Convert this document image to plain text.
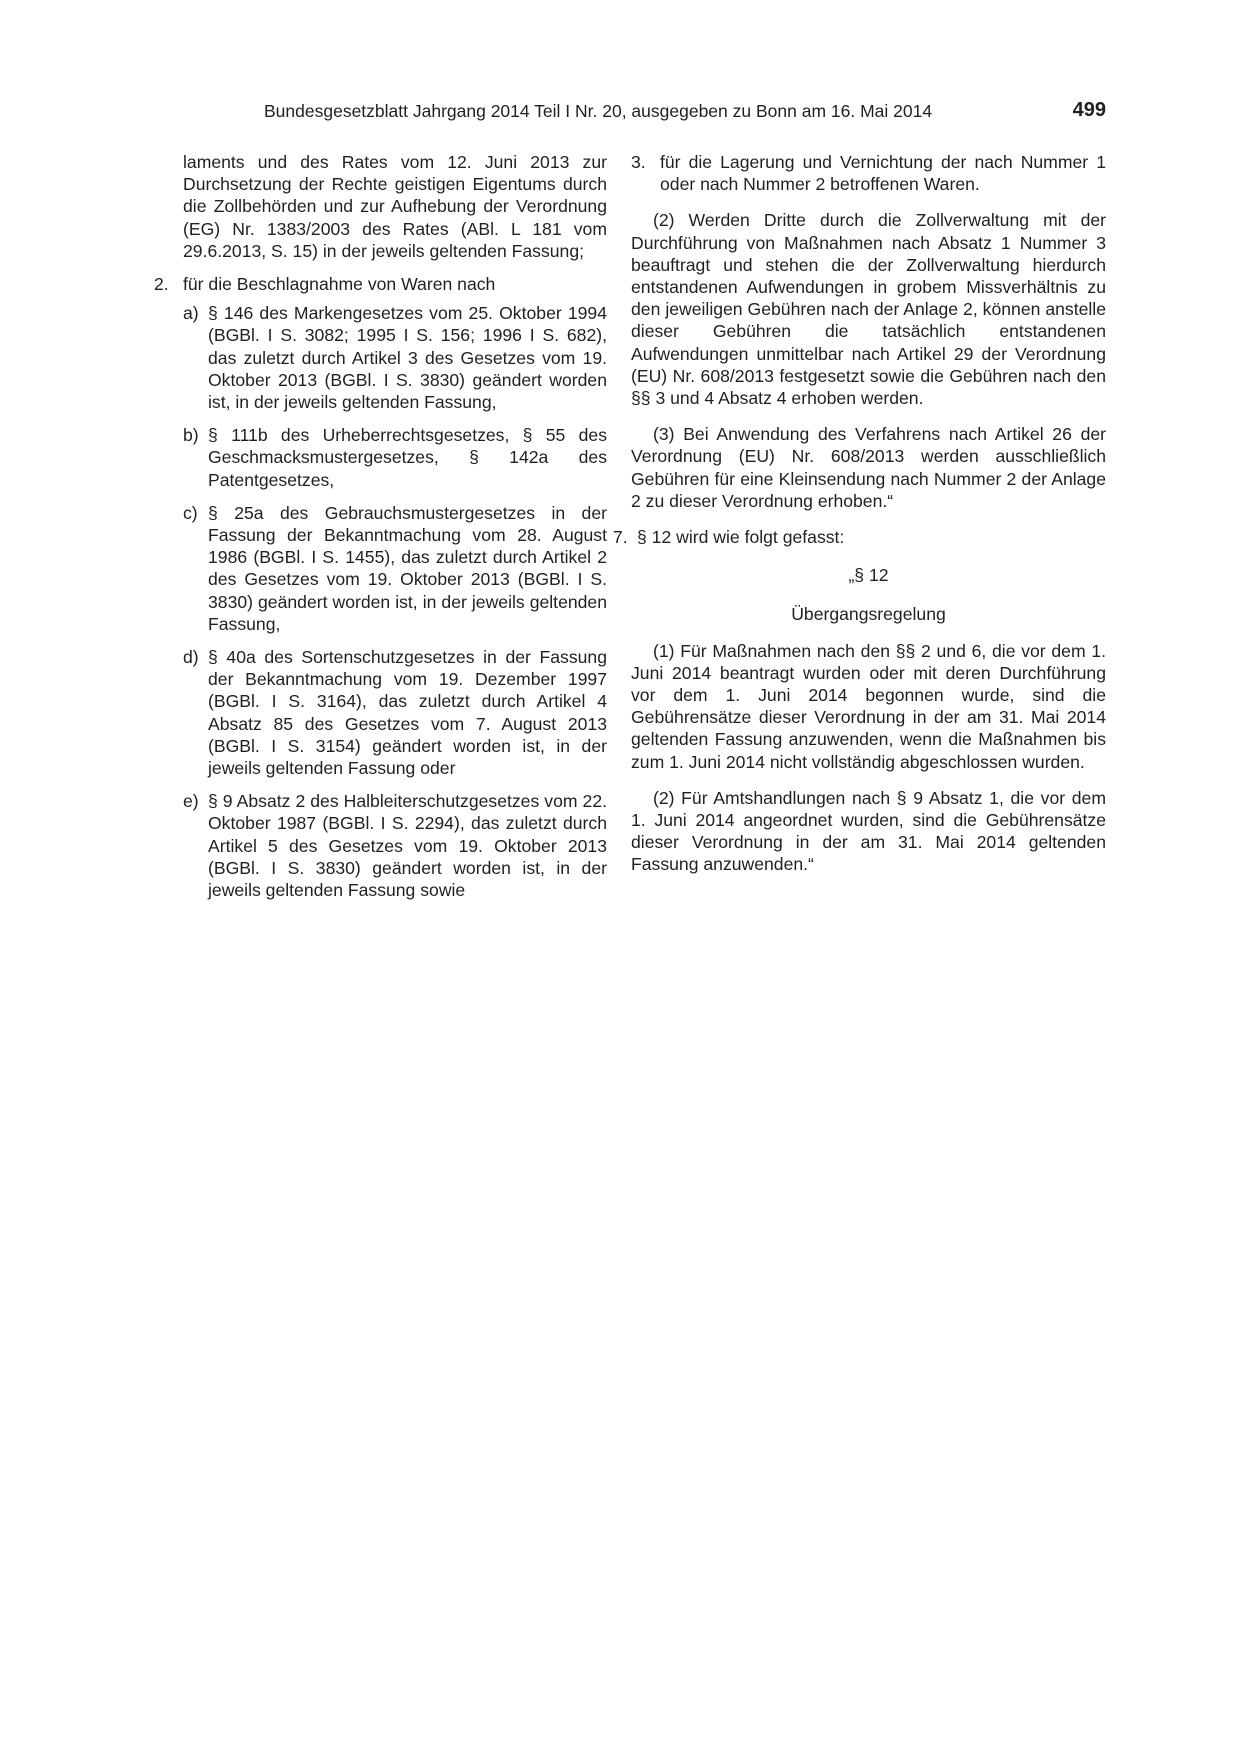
Bundesgesetzblatt Jahrgang 2014 Teil I Nr. 20, ausgegeben zu Bonn am 16. Mai 2014	499
laments und des Rates vom 12. Juni 2013 zur Durchsetzung der Rechte geistigen Eigentums durch die Zollbehörden und zur Aufhebung der Verordnung (EG) Nr. 1383/2003 des Rates (ABl. L 181 vom 29.6.2013, S. 15) in der jeweils geltenden Fassung;
2. für die Beschlagnahme von Waren nach
a) § 146 des Markengesetzes vom 25. Oktober 1994 (BGBl. I S. 3082; 1995 I S. 156; 1996 I S. 682), das zuletzt durch Artikel 3 des Gesetzes vom 19. Oktober 2013 (BGBl. I S. 3830) geändert worden ist, in der jeweils geltenden Fassung,
b) § 111b des Urheberrechtsgesetzes, § 55 des Geschmacksmustergesetzes, § 142a des Patentgesetzes,
c) § 25a des Gebrauchsmustergesetzes in der Fassung der Bekanntmachung vom 28. August 1986 (BGBl. I S. 1455), das zuletzt durch Artikel 2 des Gesetzes vom 19. Oktober 2013 (BGBl. I S. 3830) geändert worden ist, in der jeweils geltenden Fassung,
d) § 40a des Sortenschutzgesetzes in der Fassung der Bekanntmachung vom 19. Dezember 1997 (BGBl. I S. 3164), das zuletzt durch Artikel 4 Absatz 85 des Gesetzes vom 7. August 2013 (BGBl. I S. 3154) geändert worden ist, in der jeweils geltenden Fassung oder
e) § 9 Absatz 2 des Halbleiterschutzgesetzes vom 22. Oktober 1987 (BGBl. I S. 2294), das zuletzt durch Artikel 5 des Gesetzes vom 19. Oktober 2013 (BGBl. I S. 3830) geändert worden ist, in der jeweils geltenden Fassung sowie
3. für die Lagerung und Vernichtung der nach Nummer 1 oder nach Nummer 2 betroffenen Waren.
(2) Werden Dritte durch die Zollverwaltung mit der Durchführung von Maßnahmen nach Absatz 1 Nummer 3 beauftragt und stehen die der Zollverwaltung hierdurch entstandenen Aufwendungen in grobem Missverhältnis zu den jeweiligen Gebühren nach der Anlage 2, können anstelle dieser Gebühren die tatsächlich entstandenen Aufwendungen unmittelbar nach Artikel 29 der Verordnung (EU) Nr. 608/2013 festgesetzt sowie die Gebühren nach den §§ 3 und 4 Absatz 4 erhoben werden.
(3) Bei Anwendung des Verfahrens nach Artikel 26 der Verordnung (EU) Nr. 608/2013 werden ausschließlich Gebühren für eine Kleinsendung nach Nummer 2 der Anlage 2 zu dieser Verordnung erhoben.“
7. § 12 wird wie folgt gefasst:
„§ 12
Übergangsregelung
(1) Für Maßnahmen nach den §§ 2 und 6, die vor dem 1. Juni 2014 beantragt wurden oder mit deren Durchführung vor dem 1. Juni 2014 begonnen wurde, sind die Gebührensätze dieser Verordnung in der am 31. Mai 2014 geltenden Fassung anzuwenden, wenn die Maßnahmen bis zum 1. Juni 2014 nicht vollständig abgeschlossen wurden.
(2) Für Amtshandlungen nach § 9 Absatz 1, die vor dem 1. Juni 2014 angeordnet wurden, sind die Gebührensätze dieser Verordnung in der am 31. Mai 2014 geltenden Fassung anzuwenden.“
